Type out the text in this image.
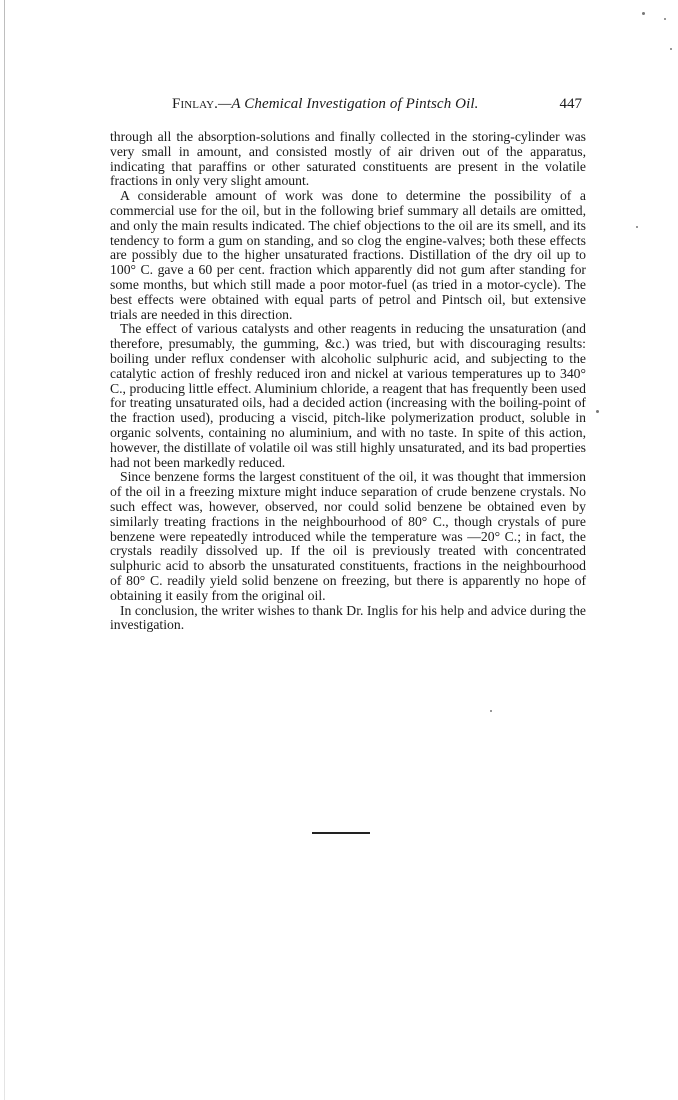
Finlay.—A Chemical Investigation of Pintsch Oil.	447

through all the absorption-solutions and finally collected in the storing-cylinder was very small in amount, and consisted mostly of air driven out of the apparatus, indicating that paraffins or other saturated constituents are present in the volatile fractions in only very slight amount.

A considerable amount of work was done to determine the possibility of a commercial use for the oil, but in the following brief summary all details are omitted, and only the main results indicated. The chief objections to the oil are its smell, and its tendency to form a gum on standing, and so clog the engine-valves; both these effects are possibly due to the higher unsaturated fractions. Distillation of the dry oil up to 100° C. gave a 60 per cent. fraction which apparently did not gum after standing for some months, but which still made a poor motor-fuel (as tried in a motor-cycle). The best effects were obtained with equal parts of petrol and Pintsch oil, but extensive trials are needed in this direction.

The effect of various catalysts and other reagents in reducing the unsaturation (and therefore, presumably, the gumming, &c.) was tried, but with discouraging results: boiling under reflux condenser with alcoholic sulphuric acid, and subjecting to the catalytic action of freshly reduced iron and nickel at various temperatures up to 340° C., producing little effect. Aluminium chloride, a reagent that has frequently been used for treating unsaturated oils, had a decided action (increasing with the boiling-point of the fraction used), producing a viscid, pitch-like polymerization product, soluble in organic solvents, containing no aluminium, and with no taste. In spite of this action, however, the distillate of volatile oil was still highly unsaturated, and its bad properties had not been markedly reduced.

Since benzene forms the largest constituent of the oil, it was thought that immersion of the oil in a freezing mixture might induce separation of crude benzene crystals. No such effect was, however, observed, nor could solid benzene be obtained even by similarly treating fractions in the neighbourhood of 80° C., though crystals of pure benzene were repeatedly introduced while the temperature was —20° C.; in fact, the crystals readily dissolved up. If the oil is previously treated with concentrated sulphuric acid to absorb the unsaturated constituents, fractions in the neighbourhood of 80° C. readily yield solid benzene on freezing, but there is apparently no hope of obtaining it easily from the original oil.

In conclusion, the writer wishes to thank Dr. Inglis for his help and advice during the investigation.
